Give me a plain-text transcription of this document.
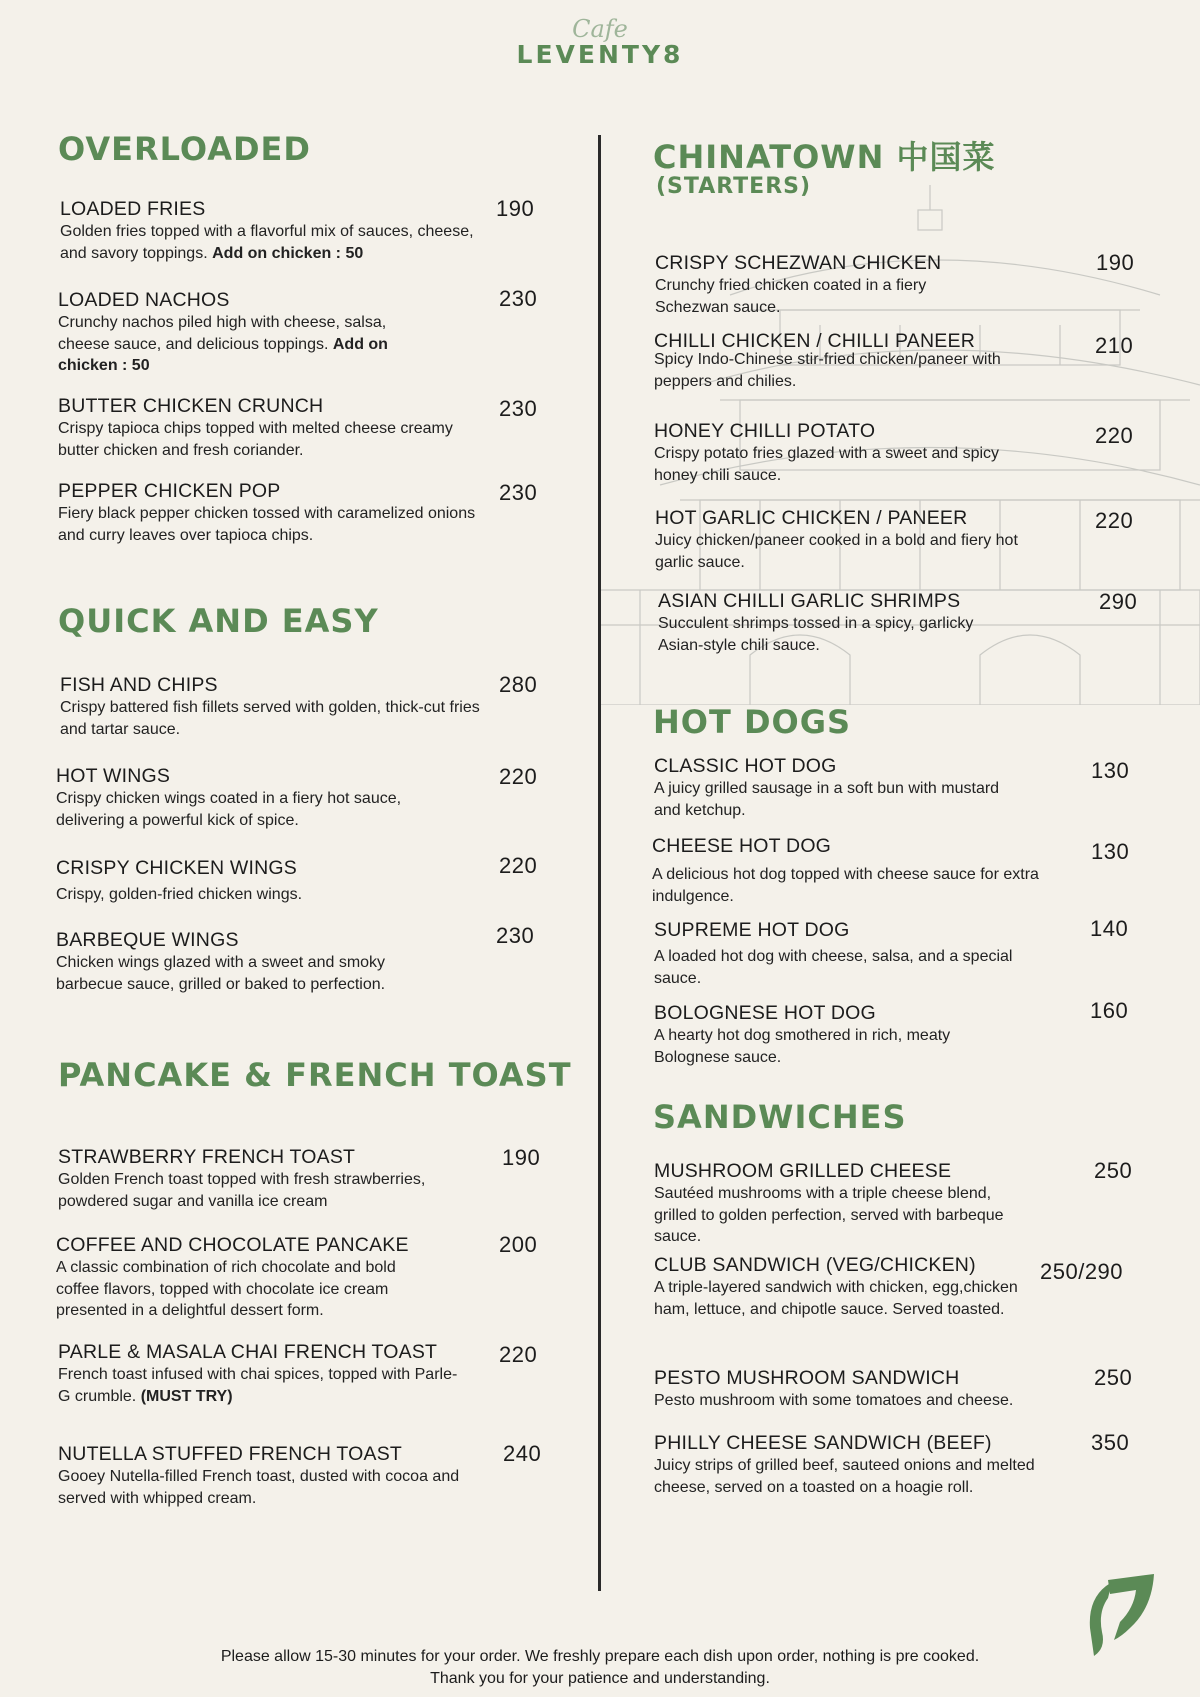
Cafe
LEVENTY8
OVERLOADED
LOADED FRIES
Golden fries topped with a flavorful mix of sauces, cheese, and savory toppings. Add on chicken : 50
190
LOADED NACHOS
Crunchy nachos piled high with cheese, salsa, cheese sauce, and delicious toppings. Add on chicken : 50
230
BUTTER CHICKEN CRUNCH
Crispy tapioca chips topped with melted cheese creamy butter chicken and fresh coriander.
230
PEPPER CHICKEN POP
Fiery black pepper chicken tossed with caramelized onions and curry leaves over tapioca chips.
230
QUICK AND EASY
FISH AND CHIPS
Crispy battered fish fillets served with golden, thick-cut fries and tartar sauce.
280
HOT WINGS
Crispy chicken wings coated in a fiery hot sauce, delivering a powerful kick of spice.
220
CRISPY CHICKEN WINGS
Crispy, golden-fried chicken wings.
220
BARBEQUE WINGS
Chicken wings glazed with a sweet and smoky barbecue sauce, grilled or baked to perfection.
230
PANCAKE & FRENCH TOAST
STRAWBERRY FRENCH TOAST
Golden French toast topped with fresh strawberries, powdered sugar and vanilla ice cream
190
COFFEE AND CHOCOLATE PANCAKE
A classic combination of rich chocolate and bold coffee flavors, topped with chocolate ice cream presented in a delightful dessert form.
200
PARLE & MASALA CHAI FRENCH TOAST
French toast infused with chai spices, topped with Parle-G crumble. (MUST TRY)
220
NUTELLA STUFFED FRENCH TOAST
Gooey Nutella-filled French toast, dusted with cocoa and served with whipped cream.
240
CHINATOWN 中国菜
(STARTERS)
CRISPY SCHEZWAN CHICKEN
Crunchy fried chicken coated in a fiery Schezwan sauce.
190
CHILLI CHICKEN / CHILLI PANEER
Spicy Indo-Chinese stir-fried chicken/paneer with peppers and chilies.
210
HONEY CHILLI POTATO
Crispy potato fries glazed with a sweet and spicy honey chili sauce.
220
HOT GARLIC CHICKEN / PANEER
Juicy chicken/paneer cooked in a bold and fiery hot garlic sauce.
220
ASIAN CHILLI GARLIC SHRIMPS
Succulent shrimps tossed in a spicy, garlicky Asian-style chili sauce.
290
HOT DOGS
CLASSIC HOT DOG
A juicy grilled sausage in a soft bun with mustard and ketchup.
130
CHEESE HOT DOG
A delicious hot dog topped with cheese sauce for extra indulgence.
130
SUPREME HOT DOG
A loaded hot dog with cheese, salsa, and a special sauce.
140
BOLOGNESE HOT DOG
A hearty hot dog smothered in rich, meaty Bolognese sauce.
160
SANDWICHES
MUSHROOM GRILLED CHEESE
Sautéed mushrooms with a triple cheese blend, grilled to golden perfection, served with barbeque sauce.
250
CLUB SANDWICH (VEG/CHICKEN)
A triple-layered sandwich with chicken, egg,chicken ham, lettuce, and chipotle sauce. Served toasted.
250/290
PESTO MUSHROOM SANDWICH
Pesto mushroom with some tomatoes and cheese.
250
PHILLY CHEESE SANDWICH (BEEF)
Juicy strips of grilled beef, sauteed onions and melted cheese, served on a toasted on a hoagie roll.
350
Please allow 15-30 minutes for your order. We freshly prepare each dish upon order, nothing is pre cooked.
Thank you for your patience and understanding.
